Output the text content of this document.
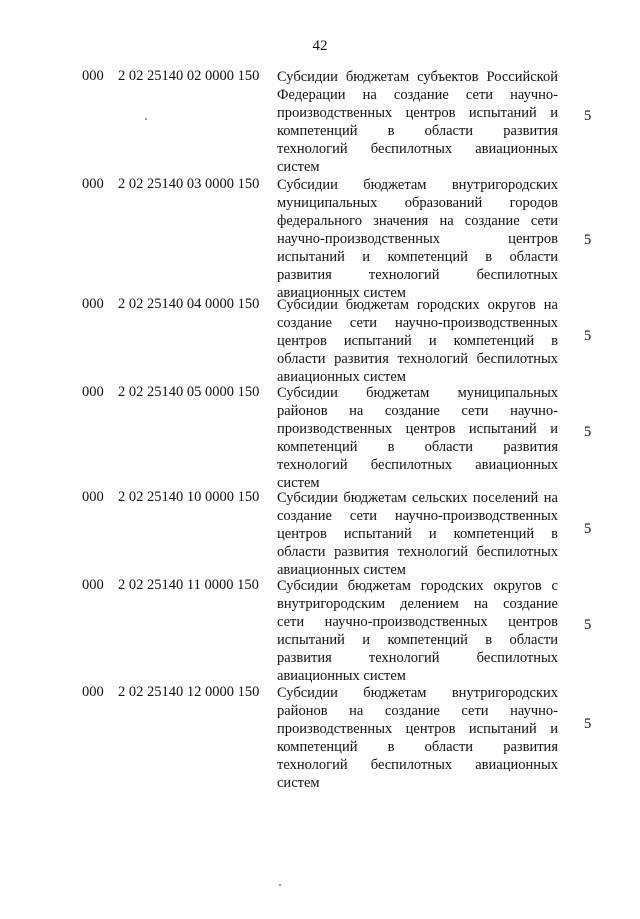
42
000 2 02 25140 02 0000 150 Субсидии бюджетам субъектов Российской
Федерации на создание сети научно-
производственных центров испытаний и
компетенций в области развития
технологий беспилотных авиационных
систем
5
000 2 02 25140 03 0000 150 Субсидии бюджетам внутригородских
муниципальных образований городов
федерального значения на создание сети
научно-производственных центров
испытаний и компетенций в области
развития технологий беспилотных
авиационных систем
5
000 2 02 25140 04 0000 150 Субсидии бюджетам городских округов на
создание сети научно-производственных
центров испытаний и компетенций в
области развития технологий беспилотных
авиационных систем
5
000 2 02 25140 05 0000 150 Субсидии бюджетам муниципальных
районов на создание сети научно-
производственных центров испытаний и
компетенций в области развития
технологий беспилотных авиационных
систем
5
000 2 02 25140 10 0000 150 Субсидии бюджетам сельских поселений на
создание сети научно-производственных
центров испытаний и компетенций в
области развития технологий беспилотных
авиационных систем
5
000 2 02 25140 11 0000 150 Субсидии бюджетам городских округов с
внутригородским делением на создание
сети научно-производственных центров
испытаний и компетенций в области
развития технологий беспилотных
авиационных систем
5
000 2 02 25140 12 0000 150 Субсидии бюджетам внутригородских
районов на создание сети научно-
производственных центров испытаний и
компетенций в области развития
технологий беспилотных авиационных
систем
5
